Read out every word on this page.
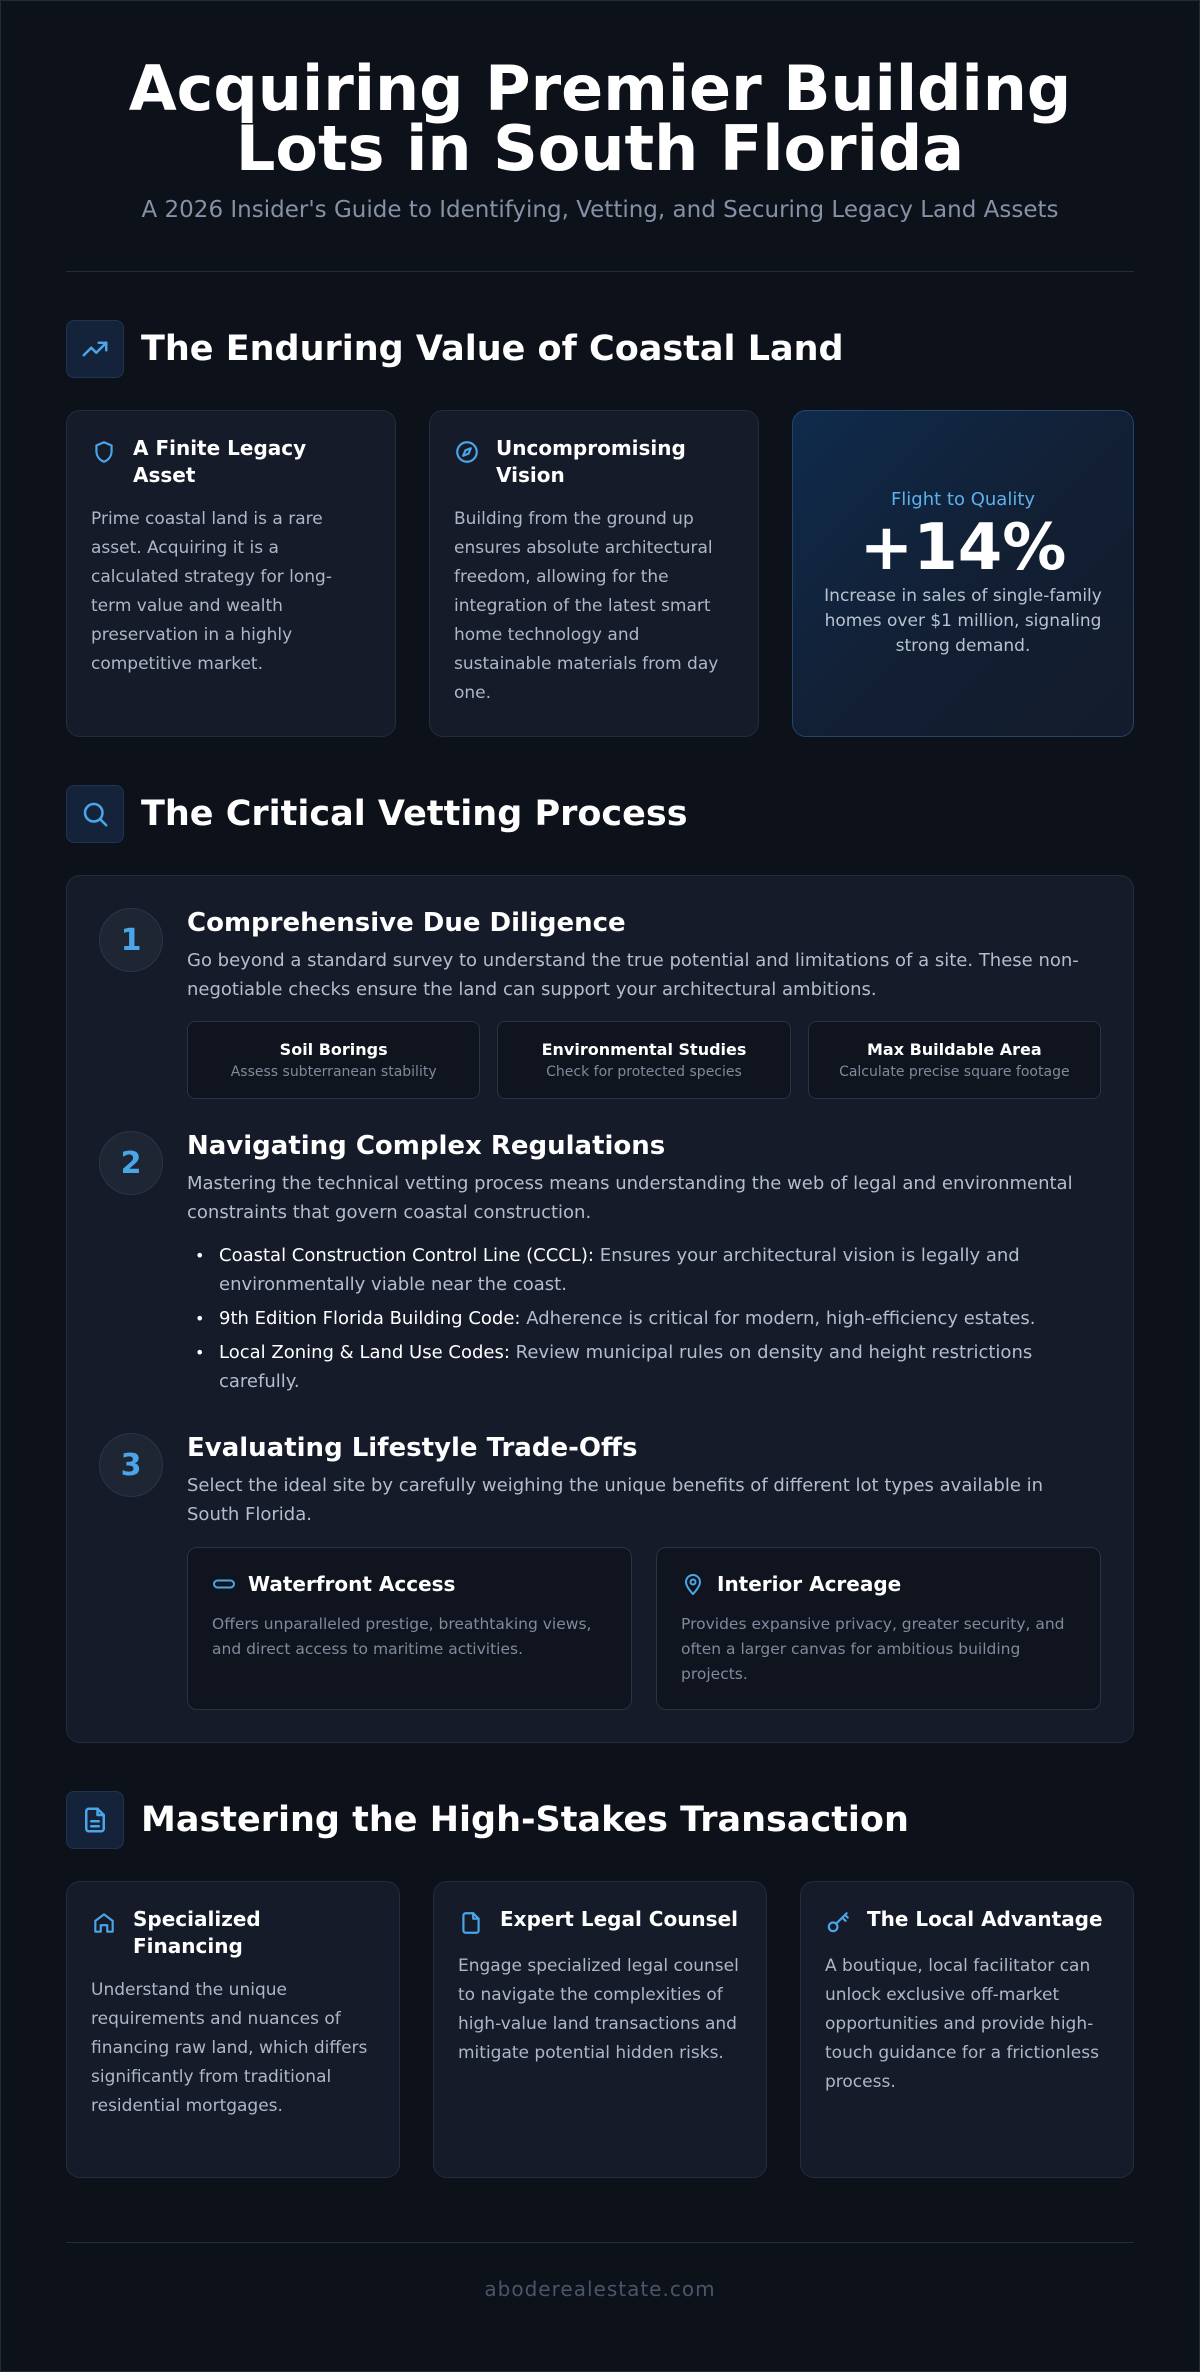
Acquiring Premier Building Lots in South Florida

A 2026 Insider's Guide to Identifying, Vetting, and Securing Legacy Land Assets

The Enduring Value of Coastal Land
A Finite Legacy Asset

Prime coastal land is a rare asset. Acquiring it is a calculated strategy for long-term value and wealth preservation in a highly competitive market.

Uncompromising Vision

Building from the ground up ensures absolute architectural freedom, allowing for the integration of the latest smart home technology and sustainable materials from day one.

Flight to Quality
+14%
Increase in sales of single-family homes over $1 million, signaling strong demand.
The Critical Vetting Process
1	Comprehensive Due Diligence

Go beyond a standard survey to understand the true potential and limitations of a site. These non-negotiable checks ensure the land can support your architectural ambitions.

Soil Borings
Assess subterranean stability
Environmental Studies
Check for protected species
Max Buildable Area
Calculate precise square footage
2	Navigating Complex Regulations

Mastering the technical vetting process means understanding the web of legal and environmental constraints that govern coastal construction.

• Coastal Construction Control Line (CCCL): Ensures your architectural vision is legally and environmentally viable near the coast.
• 9th Edition Florida Building Code: Adherence is critical for modern, high-efficiency estates.
• Local Zoning & Land Use Codes: Review municipal rules on density and height restrictions carefully.
3	Evaluating Lifestyle Trade-Offs

Select the ideal site by carefully weighing the unique benefits of different lot types available in South Florida.

Waterfront Access

Offers unparalleled prestige, breathtaking views, and direct access to maritime activities.

Interior Acreage

Provides expansive privacy, greater security, and often a larger canvas for ambitious building projects.

Mastering the High-Stakes Transaction
Specialized Financing

Understand the unique requirements and nuances of financing raw land, which differs significantly from traditional residential mortgages.

Expert Legal Counsel

Engage specialized legal counsel to navigate the complexities of high-value land transactions and mitigate potential hidden risks.

The Local Advantage

A boutique, local facilitator can unlock exclusive off-market opportunities and provide high-touch guidance for a frictionless process.

aboderealestate.com
